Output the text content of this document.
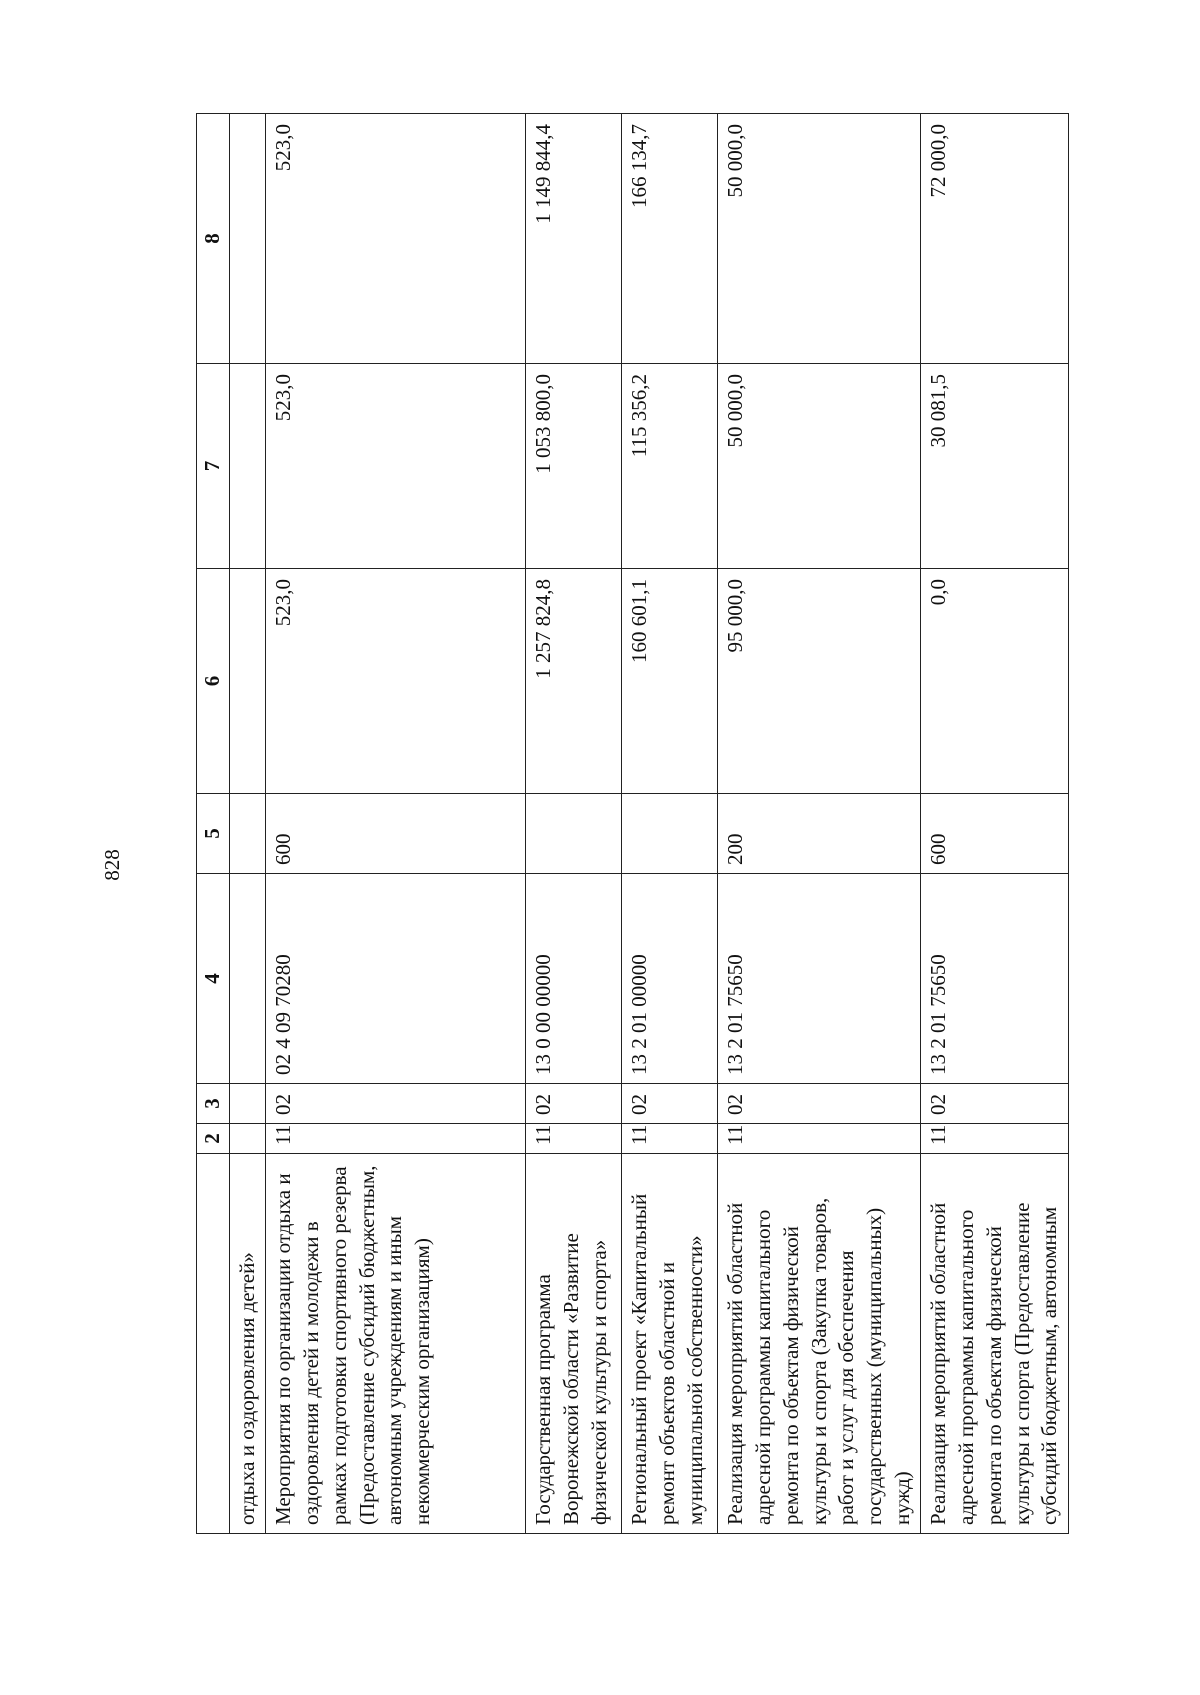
828
	2	3	4	5	6	7	8
отдыха и оздоровления детей»							
Мероприятия по организации отдыха и оздоровления детей и молодежи в рамках подготовки спортивного резерва (Предоставление субсидий бюджетным, автономным учреждениям и иным некоммерческим организациям)	11	02	02 4 09 70280	600	523,0	523,0	523,0
Государственная программа Воронежской области «Развитие физической культуры и спорта»	11	02	13 0 00 00000		1 257 824,8	1 053 800,0	1 149 844,4
Региональный проект «Капитальный ремонт объектов областной и муниципальной собственности»	11	02	13 2 01 00000		160 601,1	115 356,2	166 134,7
Реализация мероприятий областной адресной программы капитального ремонта по объектам физической культуры и спорта (Закупка товаров, работ и услуг для обеспечения государственных (муниципальных) нужд)	11	02	13 2 01 75650	200	95 000,0	50 000,0	50 000,0
Реализация мероприятий областной адресной программы капитального ремонта по объектам физической культуры и спорта (Предоставление субсидий бюджетным, автономным	11	02	13 2 01 75650	600	0,0	30 081,5	72 000,0
